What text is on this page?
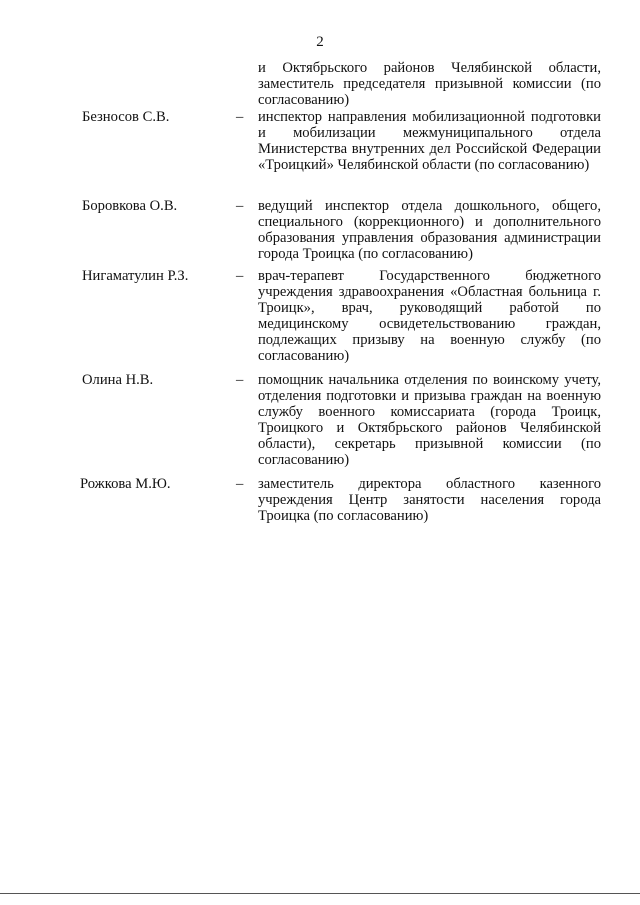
2
и Октябрьского районов Челябинской области, заместитель председателя призывной комиссии (по согласованию)
Безносов С.В.	– инспектор направления мобилизационной подготовки и мобилизации межмуниципального отдела Министерства внутренних дел Российской Федерации «Троицкий» Челябинской области (по согласованию)
Боровкова О.В.	– ведущий инспектор отдела дошкольного, общего, специального (коррекционного) и дополнительного образования управления образования администрации города Троицка (по согласованию)
Нигаматулин Р.З.	– врач-терапевт Государственного бюджетного учреждения здравоохранения «Областная больница г. Троицк», врач, руководящий работой по медицинскому освидетельствованию граждан, подлежащих призыву на военную службу (по согласованию)
Олина Н.В.	– помощник начальника отделения по воинскому учету, отделения подготовки и призыва граждан на военную службу военного комиссариата (города Троицк, Троицкого и Октябрьского районов Челябинской области), секретарь призывной комиссии (по согласованию)
Рожкова М.Ю.	– заместитель директора областного казенного учреждения Центр занятости населения города Троицка (по согласованию)
